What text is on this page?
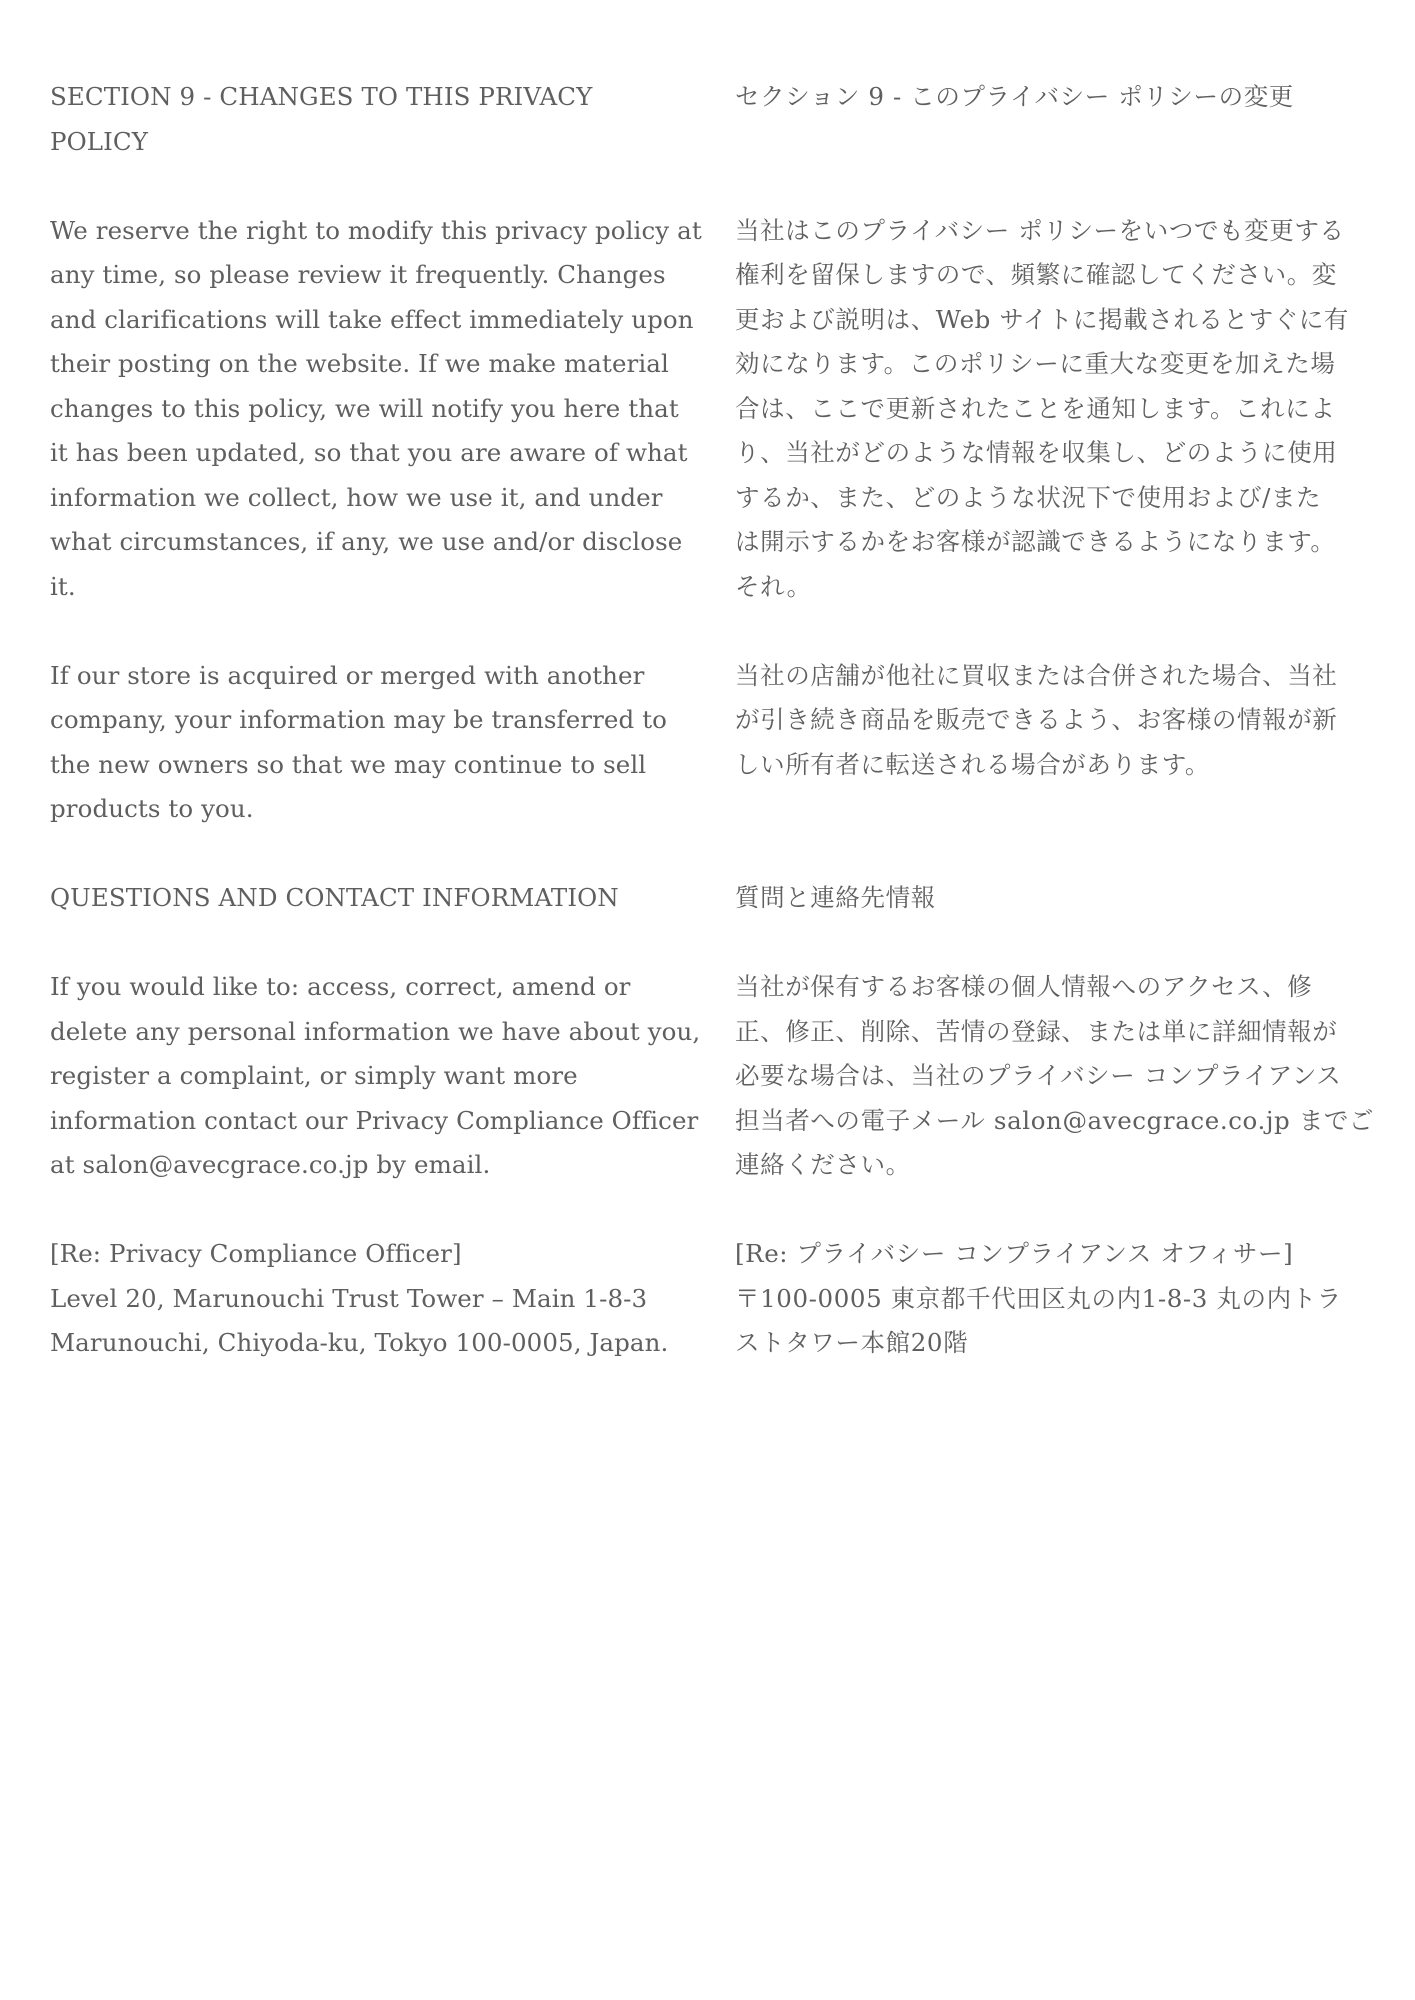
SECTION 9 - CHANGES TO THIS PRIVACY
POLICY

セクション 9 - このプライバシー ポリシーの変更

We reserve the right to modify this privacy policy at
any time, so please review it frequently. Changes
and clarifications will take effect immediately upon
their posting on the website. If we make material
changes to this policy, we will notify you here that
it has been updated, so that you are aware of what
information we collect, how we use it, and under
what circumstances, if any, we use and/or disclose
it.

当社はこのプライバシー ポリシーをいつでも変更する
権利を留保しますので、頻繁に確認してください。変
更および説明は、Web サイトに掲載されるとすぐに有
効になります。このポリシーに重大な変更を加えた場
合は、ここで更新されたことを通知します。これによ
り、当社がどのような情報を収集し、どのように使用
するか、また、どのような状況下で使用および/また
は開示するかをお客様が認識できるようになります。
それ。

If our store is acquired or merged with another
company, your information may be transferred to
the new owners so that we may continue to sell
products to you.

当社の店舗が他社に買収または合併された場合、当社
が引き続き商品を販売できるよう、お客様の情報が新
しい所有者に転送される場合があります。

QUESTIONS AND CONTACT INFORMATION	質問と連絡先情報

If you would like to: access, correct, amend or
delete any personal information we have about you,
register a complaint, or simply want more
information contact our Privacy Compliance Officer
at salon@avecgrace.co.jp by email.

当社が保有するお客様の個人情報へのアクセス、修
正、修正、削除、苦情の登録、または単に詳細情報が
必要な場合は、当社のプライバシー コンプライアンス
担当者への電子メール salon@avecgrace.co.jp までご
連絡ください。

[Re: Privacy Compliance Officer]
Level 20, Marunouchi Trust Tower – Main 1-8-3
Marunouchi, Chiyoda-ku, Tokyo 100-0005, Japan.

[Re: プライバシー コンプライアンス オフィサー]
〒100-0005 東京都千代田区丸の内1-8-3 丸の内トラ
ストタワー本館20階
